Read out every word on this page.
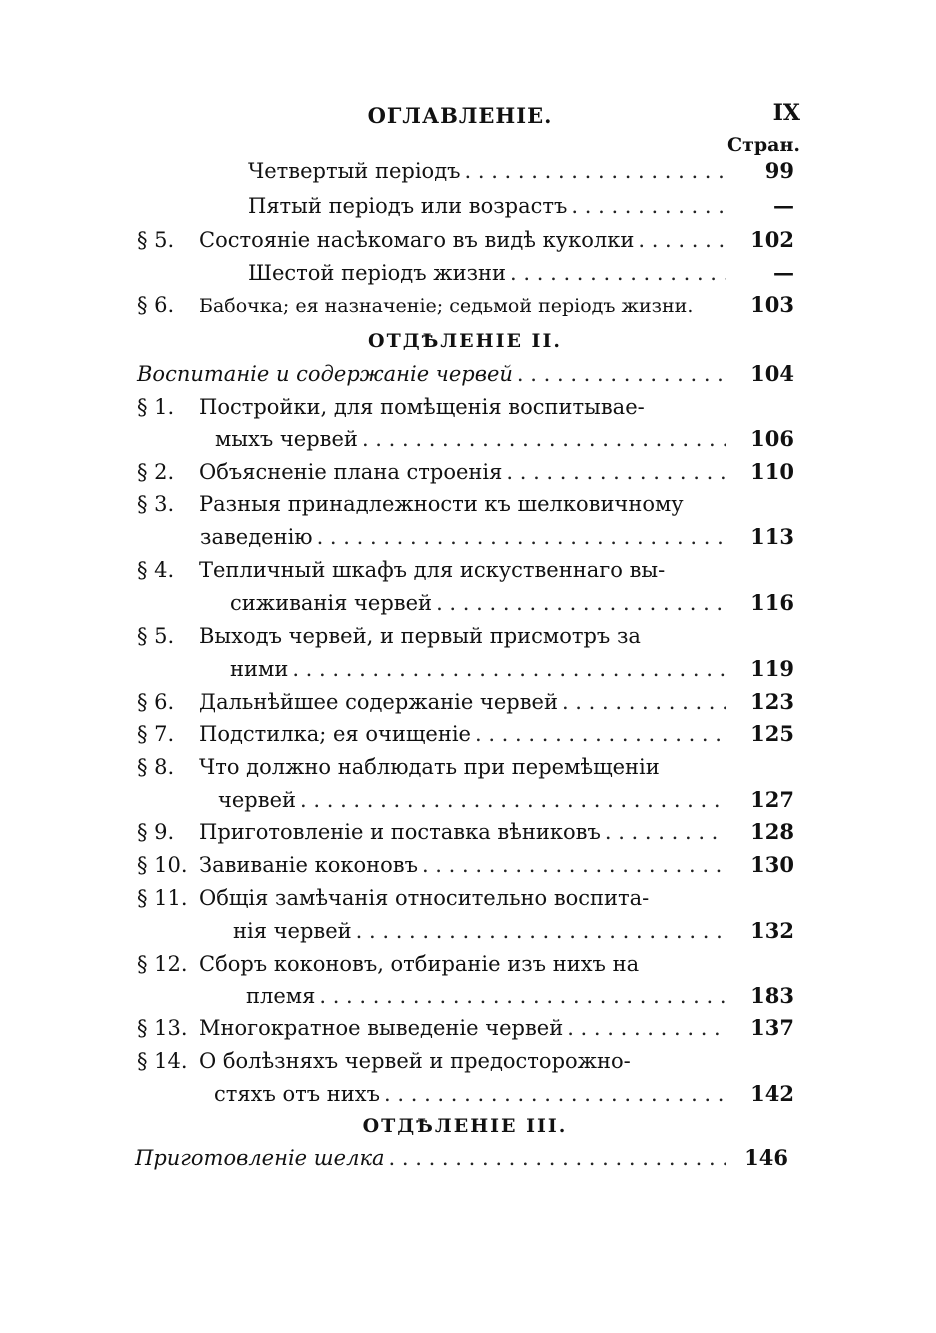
ОГЛАВЛЕНІЕ.	IX
Стран.
Четвертый періодъ . . .	99
Пятый періодъ или возрастъ . . .	—
§ 5.	Состояніе насѣкомаго въ видѣ куколки . . .	102
Шестой періодъ жизни . . .	—
§ 6.	Бабочка; ея назначеніе; седьмой періодъ жизни.	103
ОТДѢЛЕНІЕ II.
Воспитаніе и содержаніе червей . . .	104
§ 1.	Постройки, для помѣщенія воспитывае-
мыхъ червей . . .	106
§ 2.	Объясненіе плана строенія . . .	110
§ 3.	Разныя принадлежности къ шелковичному
заведенію . . .	113
§ 4.	Тепличный шкафъ для искуственнаго вы-
сиживанія червей . . .	116
§ 5.	Выходъ червей, и первый присмотръ за
ними . . .	119
§ 6.	Дальнѣйшее содержаніе червей . . .	123
§ 7.	Подстилка; ея очищеніе . . .	125
§ 8.	Что должно наблюдать при перемѣщеніи
червей . . .	127
§ 9.	Приготовленіе и поставка вѣниковъ . . .	128
§ 10. Завиваніе коконовъ . . .	130
§ 11. Общія замѣчанія относительно воспита-
нія червей . . .	132
§ 12. Сборъ коконовъ, отбираніе изъ нихъ на
племя . . .	183
§ 13. Многократное выведеніе червей . . .	137
§ 14. О болѣзняхъ червей и предосторожно-
стяхъ отъ нихъ . . .	142
ОТДѢЛЕНІЕ III.
Приготовленіе шелка . . .	146
